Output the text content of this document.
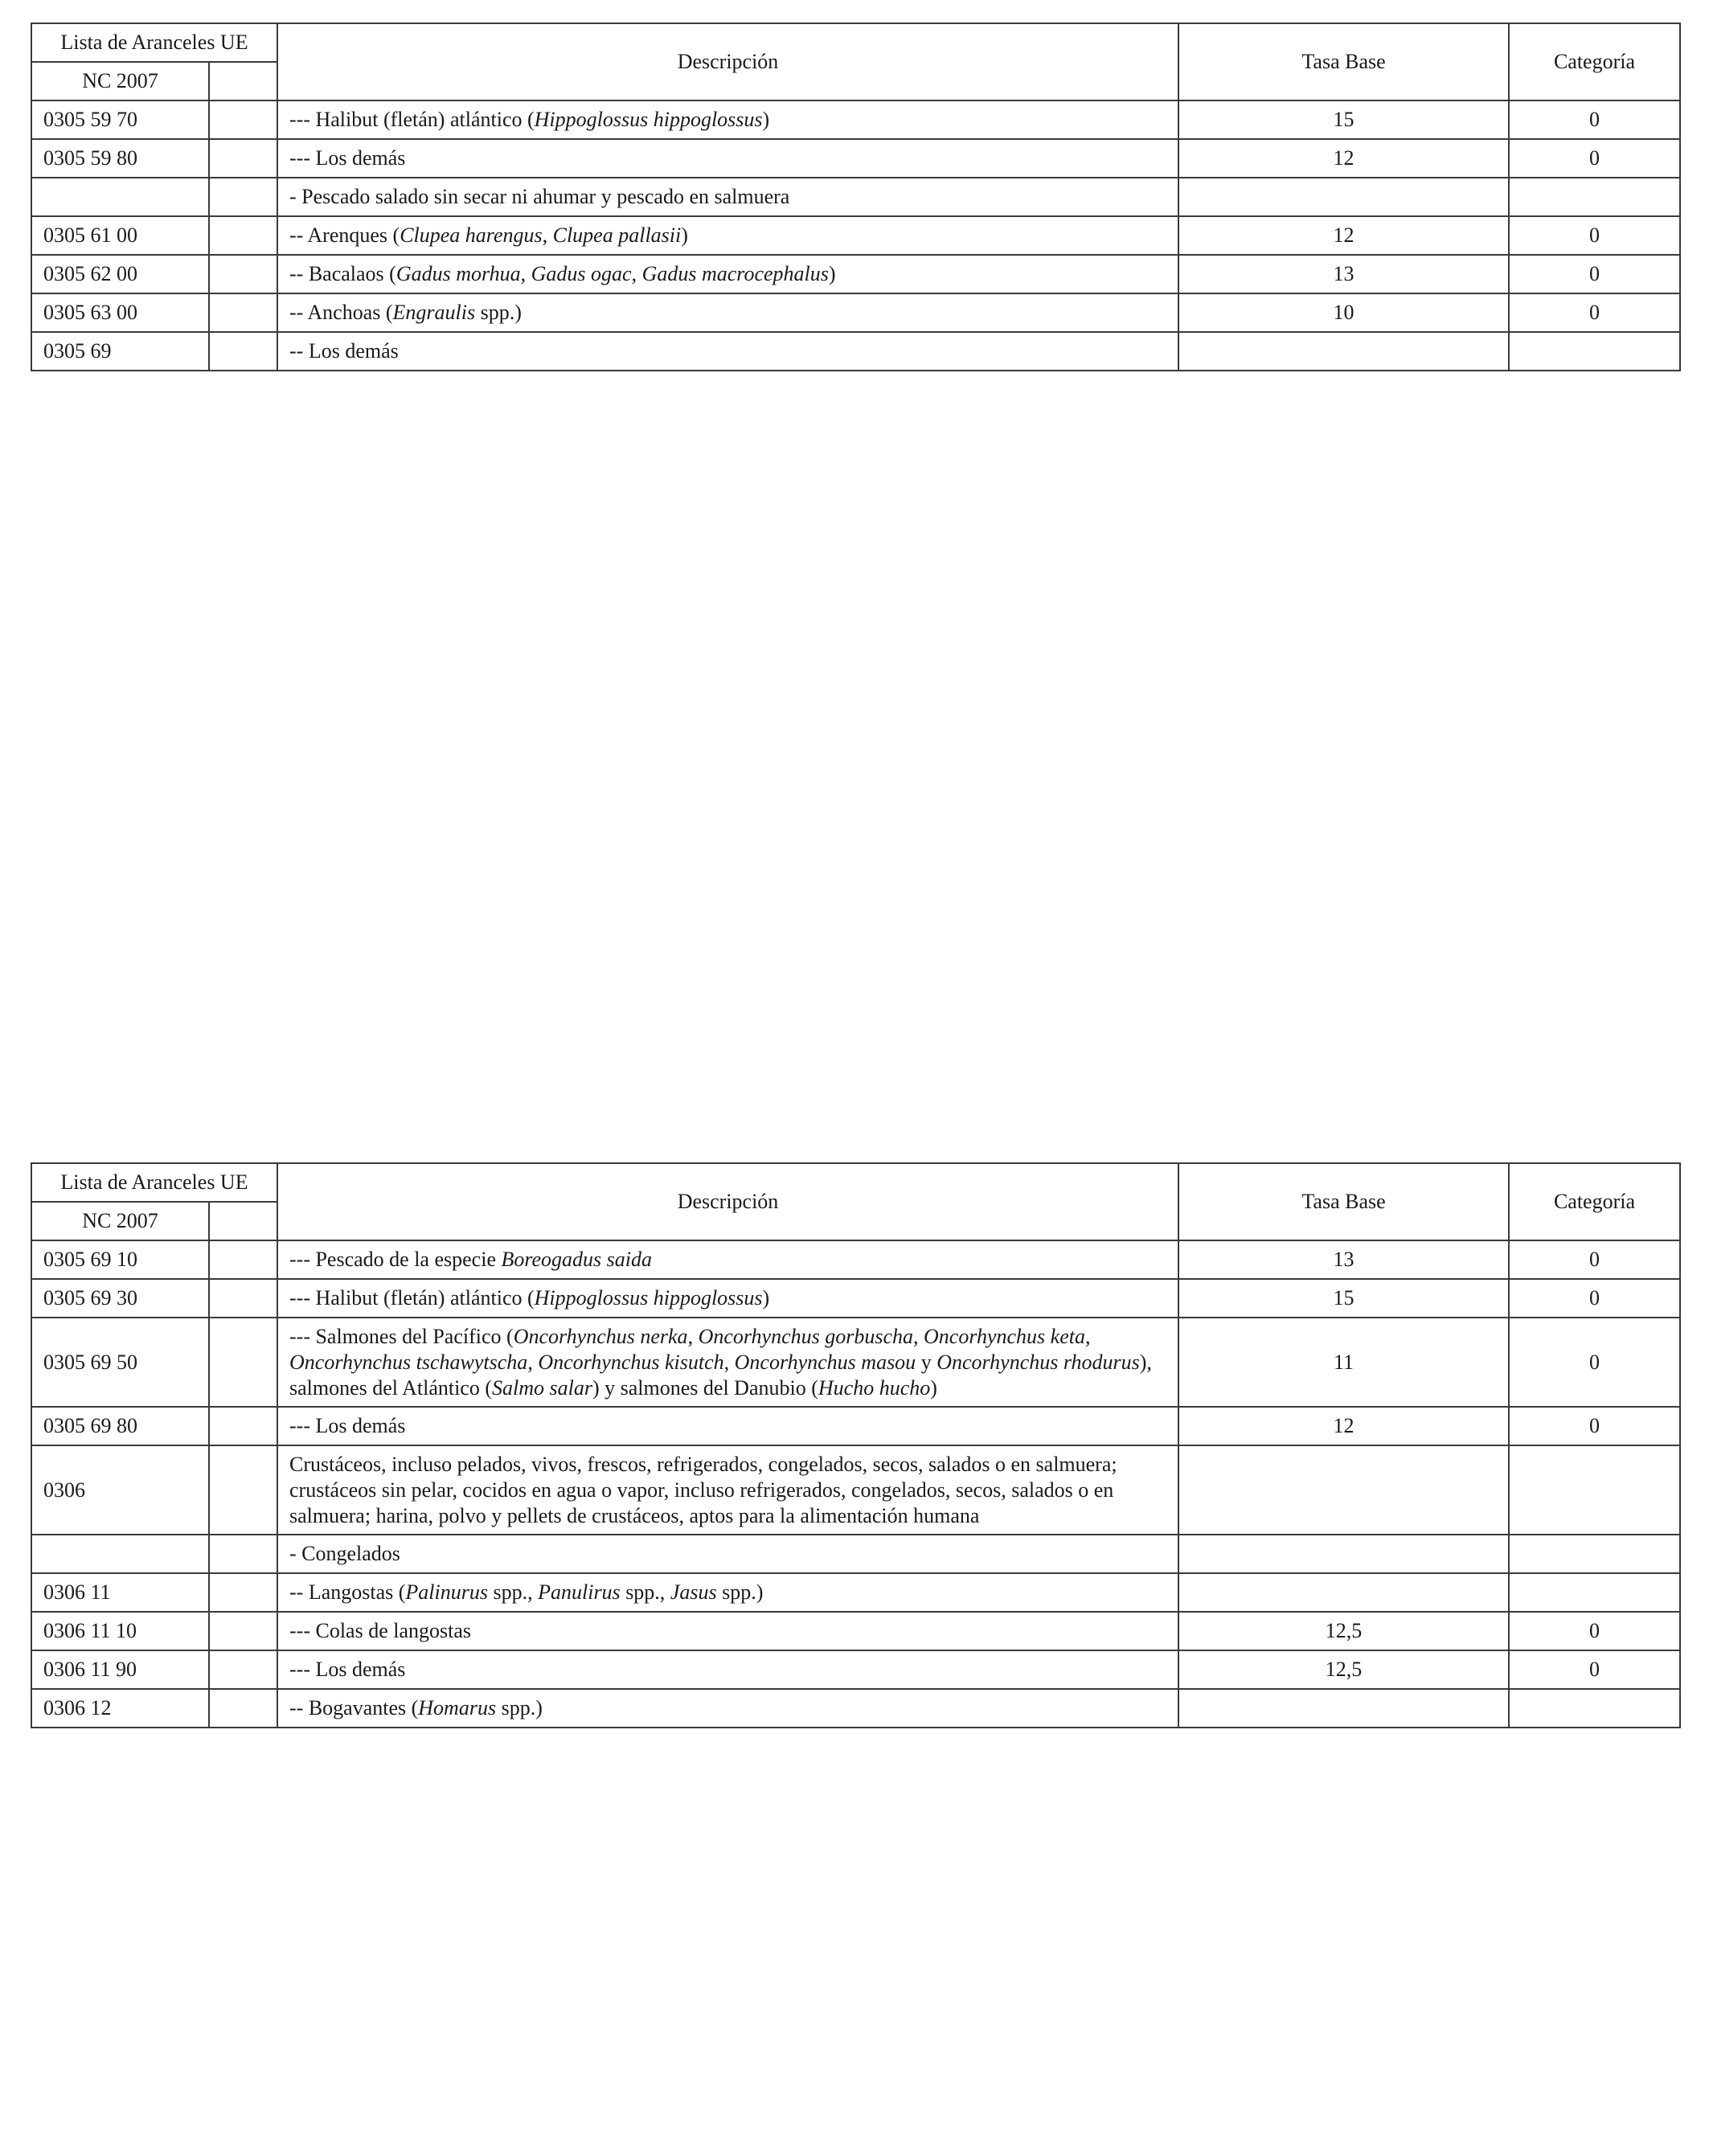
Lista de Aranceles UE		Descripción	Tasa Base	Categoría
NC 2007				
0305 59 70		--- Halibut (fletán) atlántico (Hippoglossus hippoglossus)	15	0
0305 59 80		--- Los demás	12	0
		- Pescado salado sin secar ni ahumar y pescado en salmuera		
0305 61 00		-- Arenques (Clupea harengus, Clupea pallasii)	12	0
0305 62 00		-- Bacalaos (Gadus morhua, Gadus ogac, Gadus macrocephalus)	13	0
0305 63 00		-- Anchoas (Engraulis spp.)	10	0
0305 69		-- Los demás		
Lista de Aranceles UE		Descripción	Tasa Base	Categoría
NC 2007				
0305 69 10		--- Pescado de la especie Boreogadus saida	13	0
0305 69 30		--- Halibut (fletán) atlántico (Hippoglossus hippoglossus)	15	0
0305 69 50		--- Salmones del Pacífico (Oncorhynchus nerka, Oncorhynchus gorbuscha, Oncorhynchus keta, Oncorhynchus tschawytscha, Oncorhynchus kisutch, Oncorhynchus masou y Oncorhynchus rhodurus), salmones del Atlántico (Salmo salar) y salmones del Danubio (Hucho hucho)	11	0
0305 69 80		--- Los demás	12	0
0306		Crustáceos, incluso pelados, vivos, frescos, refrigerados, congelados, secos, salados o en salmuera; crustáceos sin pelar, cocidos en agua o vapor, incluso refrigerados, congelados, secos, salados o en salmuera; harina, polvo y pellets de crustáceos, aptos para la alimentación humana		
		- Congelados		
0306 11		-- Langostas (Palinurus spp., Panulirus spp., Jasus spp.)		
0306 11 10		--- Colas de langostas	12,5	0
0306 11 90		--- Los demás	12,5	0
0306 12		-- Bogavantes (Homarus spp.)		
